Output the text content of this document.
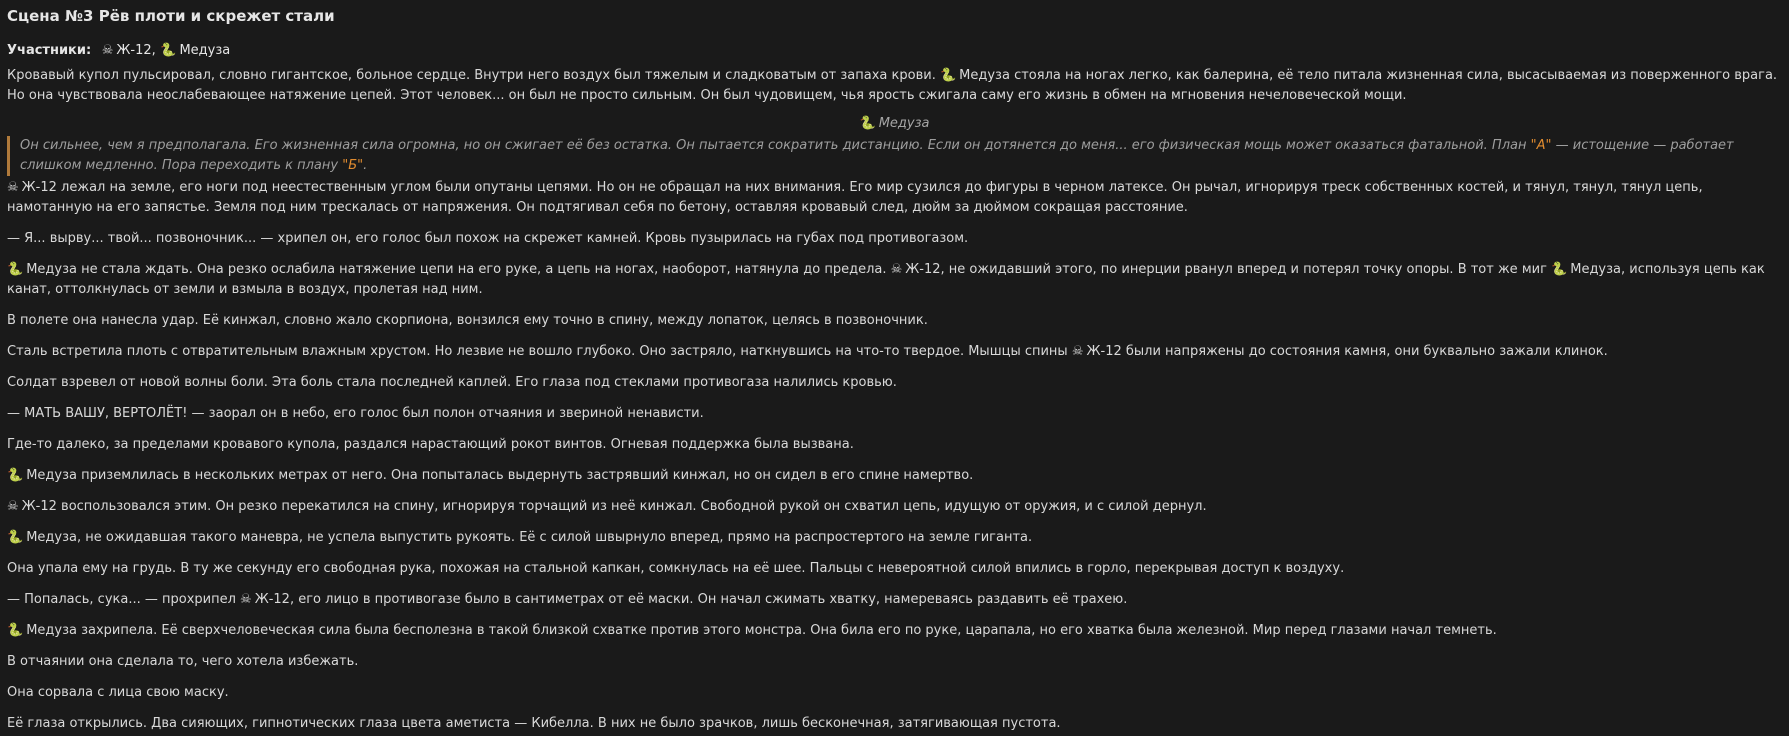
Сцена №3 Рёв плоти и скрежет стали
Участники: ☠ Ж-12, 🐍 Медуза
Кровавый купол пульсировал, словно гигантское, больное сердце. Внутри него воздух был тяжелым и сладковатым от запаха крови. 🐍 Медуза стояла на ногах легко, как балерина, её тело питала жизненная сила, высасываемая из поверженного врага. Но она чувствовала неослабевающее натяжение цепей. Этот человек... он был не просто сильным. Он был чудовищем, чья ярость сжигала саму его жизнь в обмен на мгновения нечеловеческой мощи.
🐍 Медуза
Он сильнее, чем я предполагала. Его жизненная сила огромна, но он сжигает её без остатка. Он пытается сократить дистанцию. Если он дотянется до меня... его физическая мощь может оказаться фатальной. План "А" — истощение — работает слишком медленно. Пора переходить к плану "Б".
☠ Ж-12 лежал на земле, его ноги под неестественным углом были опутаны цепями. Но он не обращал на них внимания. Его мир сузился до фигуры в черном латексе. Он рычал, игнорируя треск собственных костей, и тянул, тянул, тянул цепь, намотанную на его запястье. Земля под ним трескалась от напряжения. Он подтягивал себя по бетону, оставляя кровавый след, дюйм за дюймом сокращая расстояние.
— Я... вырву... твой... позвоночник... — хрипел он, его голос был похож на скрежет камней. Кровь пузырилась на губах под противогазом.
🐍 Медуза не стала ждать. Она резко ослабила натяжение цепи на его руке, а цепь на ногах, наоборот, натянула до предела. ☠ Ж-12, не ожидавший этого, по инерции рванул вперед и потерял точку опоры. В тот же миг 🐍 Медуза, используя цепь как канат, оттолкнулась от земли и взмыла в воздух, пролетая над ним.
В полете она нанесла удар. Её кинжал, словно жало скорпиона, вонзился ему точно в спину, между лопаток, целясь в позвоночник.
Сталь встретила плоть с отвратительным влажным хрустом. Но лезвие не вошло глубоко. Оно застряло, наткнувшись на что-то твердое. Мышцы спины ☠ Ж-12 были напряжены до состояния камня, они буквально зажали клинок.
Солдат взревел от новой волны боли. Эта боль стала последней каплей. Его глаза под стеклами противогаза налились кровью.
— МАТЬ ВАШУ, ВЕРТОЛЁТ! — заорал он в небо, его голос был полон отчаяния и звериной ненависти.
Где-то далеко, за пределами кровавого купола, раздался нарастающий рокот винтов. Огневая поддержка была вызвана.
🐍 Медуза приземлилась в нескольких метрах от него. Она попыталась выдернуть застрявший кинжал, но он сидел в его спине намертво.
☠ Ж-12 воспользовался этим. Он резко перекатился на спину, игнорируя торчащий из неё кинжал. Свободной рукой он схватил цепь, идущую от оружия, и с силой дернул.
🐍 Медуза, не ожидавшая такого маневра, не успела выпустить рукоять. Её с силой швырнуло вперед, прямо на распростертого на земле гиганта.
Она упала ему на грудь. В ту же секунду его свободная рука, похожая на стальной капкан, сомкнулась на её шее. Пальцы с невероятной силой впились в горло, перекрывая доступ к воздуху.
— Попалась, сука... — прохрипел ☠ Ж-12, его лицо в противогазе было в сантиметрах от её маски. Он начал сжимать хватку, намереваясь раздавить её трахею.
🐍 Медуза захрипела. Её сверхчеловеческая сила была бесполезна в такой близкой схватке против этого монстра. Она била его по руке, царапала, но его хватка была железной. Мир перед глазами начал темнеть.
В отчаянии она сделала то, чего хотела избежать.
Она сорвала с лица свою маску.
Её глаза открылись. Два сияющих, гипнотических глаза цвета аметиста — Кибелла. В них не было зрачков, лишь бесконечная, затягивающая пустота.
